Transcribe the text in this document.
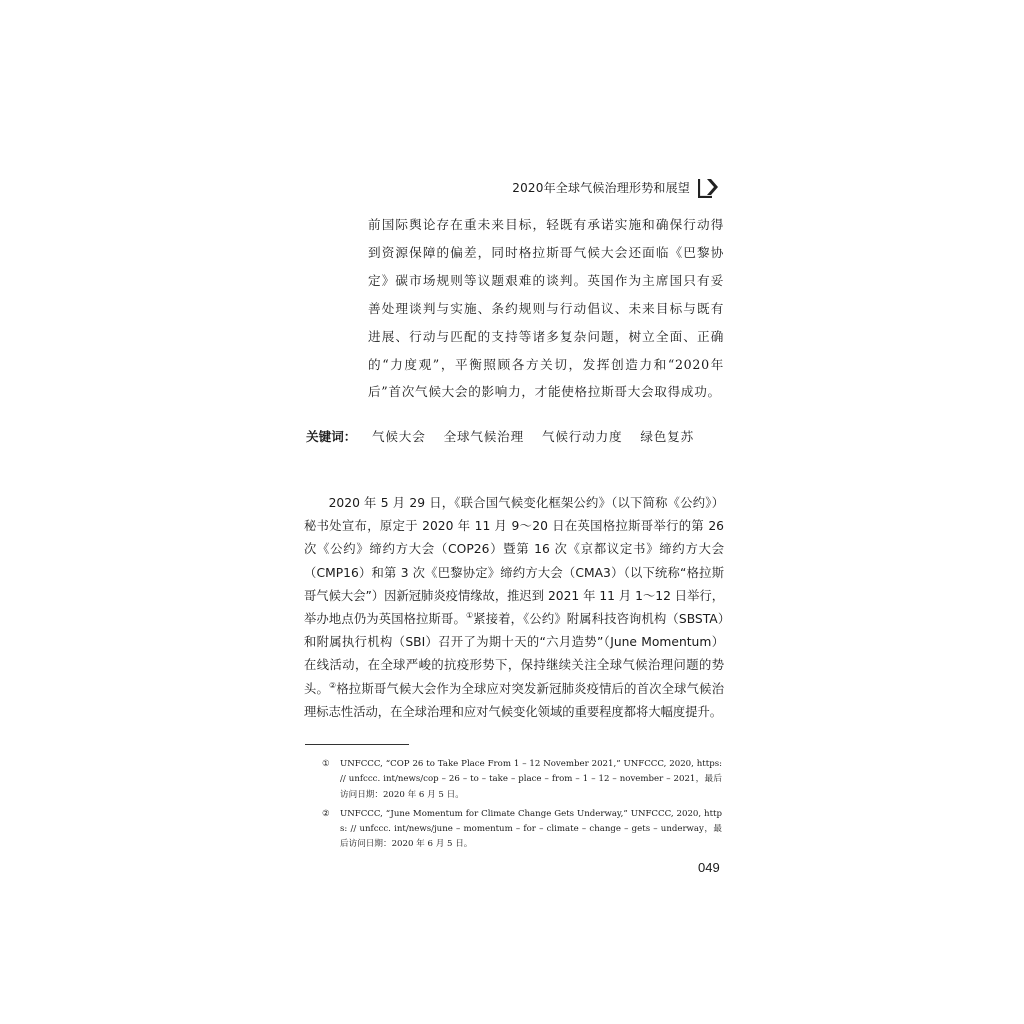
2020年全球气候治理形势和展望

前国际舆论存在重未来目标，轻既有承诺实施和确保行动得到资源保障的偏差，同时格拉斯哥气候大会还面临《巴黎协定》碳市场规则等议题艰难的谈判。英国作为主席国只有妥善处理谈判与实施、条约规则与行动倡议、未来目标与既有进展、行动与匹配的支持等诸多复杂问题，树立全面、正确的“力度观”，平衡照顾各方关切，发挥创造力和“2020年后”首次气候大会的影响力，才能使格拉斯哥大会取得成功。

关键词： 气候大会 全球气候治理 气候行动力度 绿色复苏

2020 年 5 月 29 日，《联合国气候变化框架公约》（以下简称《公约》）秘书处宣布，原定于 2020 年 11 月 9～20 日在英国格拉斯哥举行的第 26 次《公约》缔约方大会（COP26）暨第 16 次《京都议定书》缔约方大会（CMP16）和第 3 次《巴黎协定》缔约方大会（CMA3）（以下统称“格拉斯哥气候大会”）因新冠肺炎疫情缘故，推迟到 2021 年 11 月 1～12 日举行，举办地点仍为英国格拉斯哥。①紧接着，《公约》附属科技咨询机构（SBSTA）和附属执行机构（SBI）召开了为期十天的“六月造势”（June Momentum）在线活动，在全球严峻的抗疫形势下，保持继续关注全球气候治理问题的势头。②格拉斯哥气候大会作为全球应对突发新冠肺炎疫情后的首次全球气候治理标志性活动，在全球治理和应对气候变化领域的重要程度都将大幅度提升。

① UNFCCC, “COP 26 to Take Place From 1 – 12 November 2021,” UNFCCC, 2020, https: // unfccc. int/news/cop – 26 – to – take – place – from – 1 – 12 – november – 2021，最后访问日期：2020 年 6 月 5 日。
② UNFCCC, “June Momentum for Climate Change Gets Underway,” UNFCCC, 2020, https: // unfccc. int/news/june – momentum – for – climate – change – gets – underway，最后访问日期：2020 年 6 月 5 日。
049
